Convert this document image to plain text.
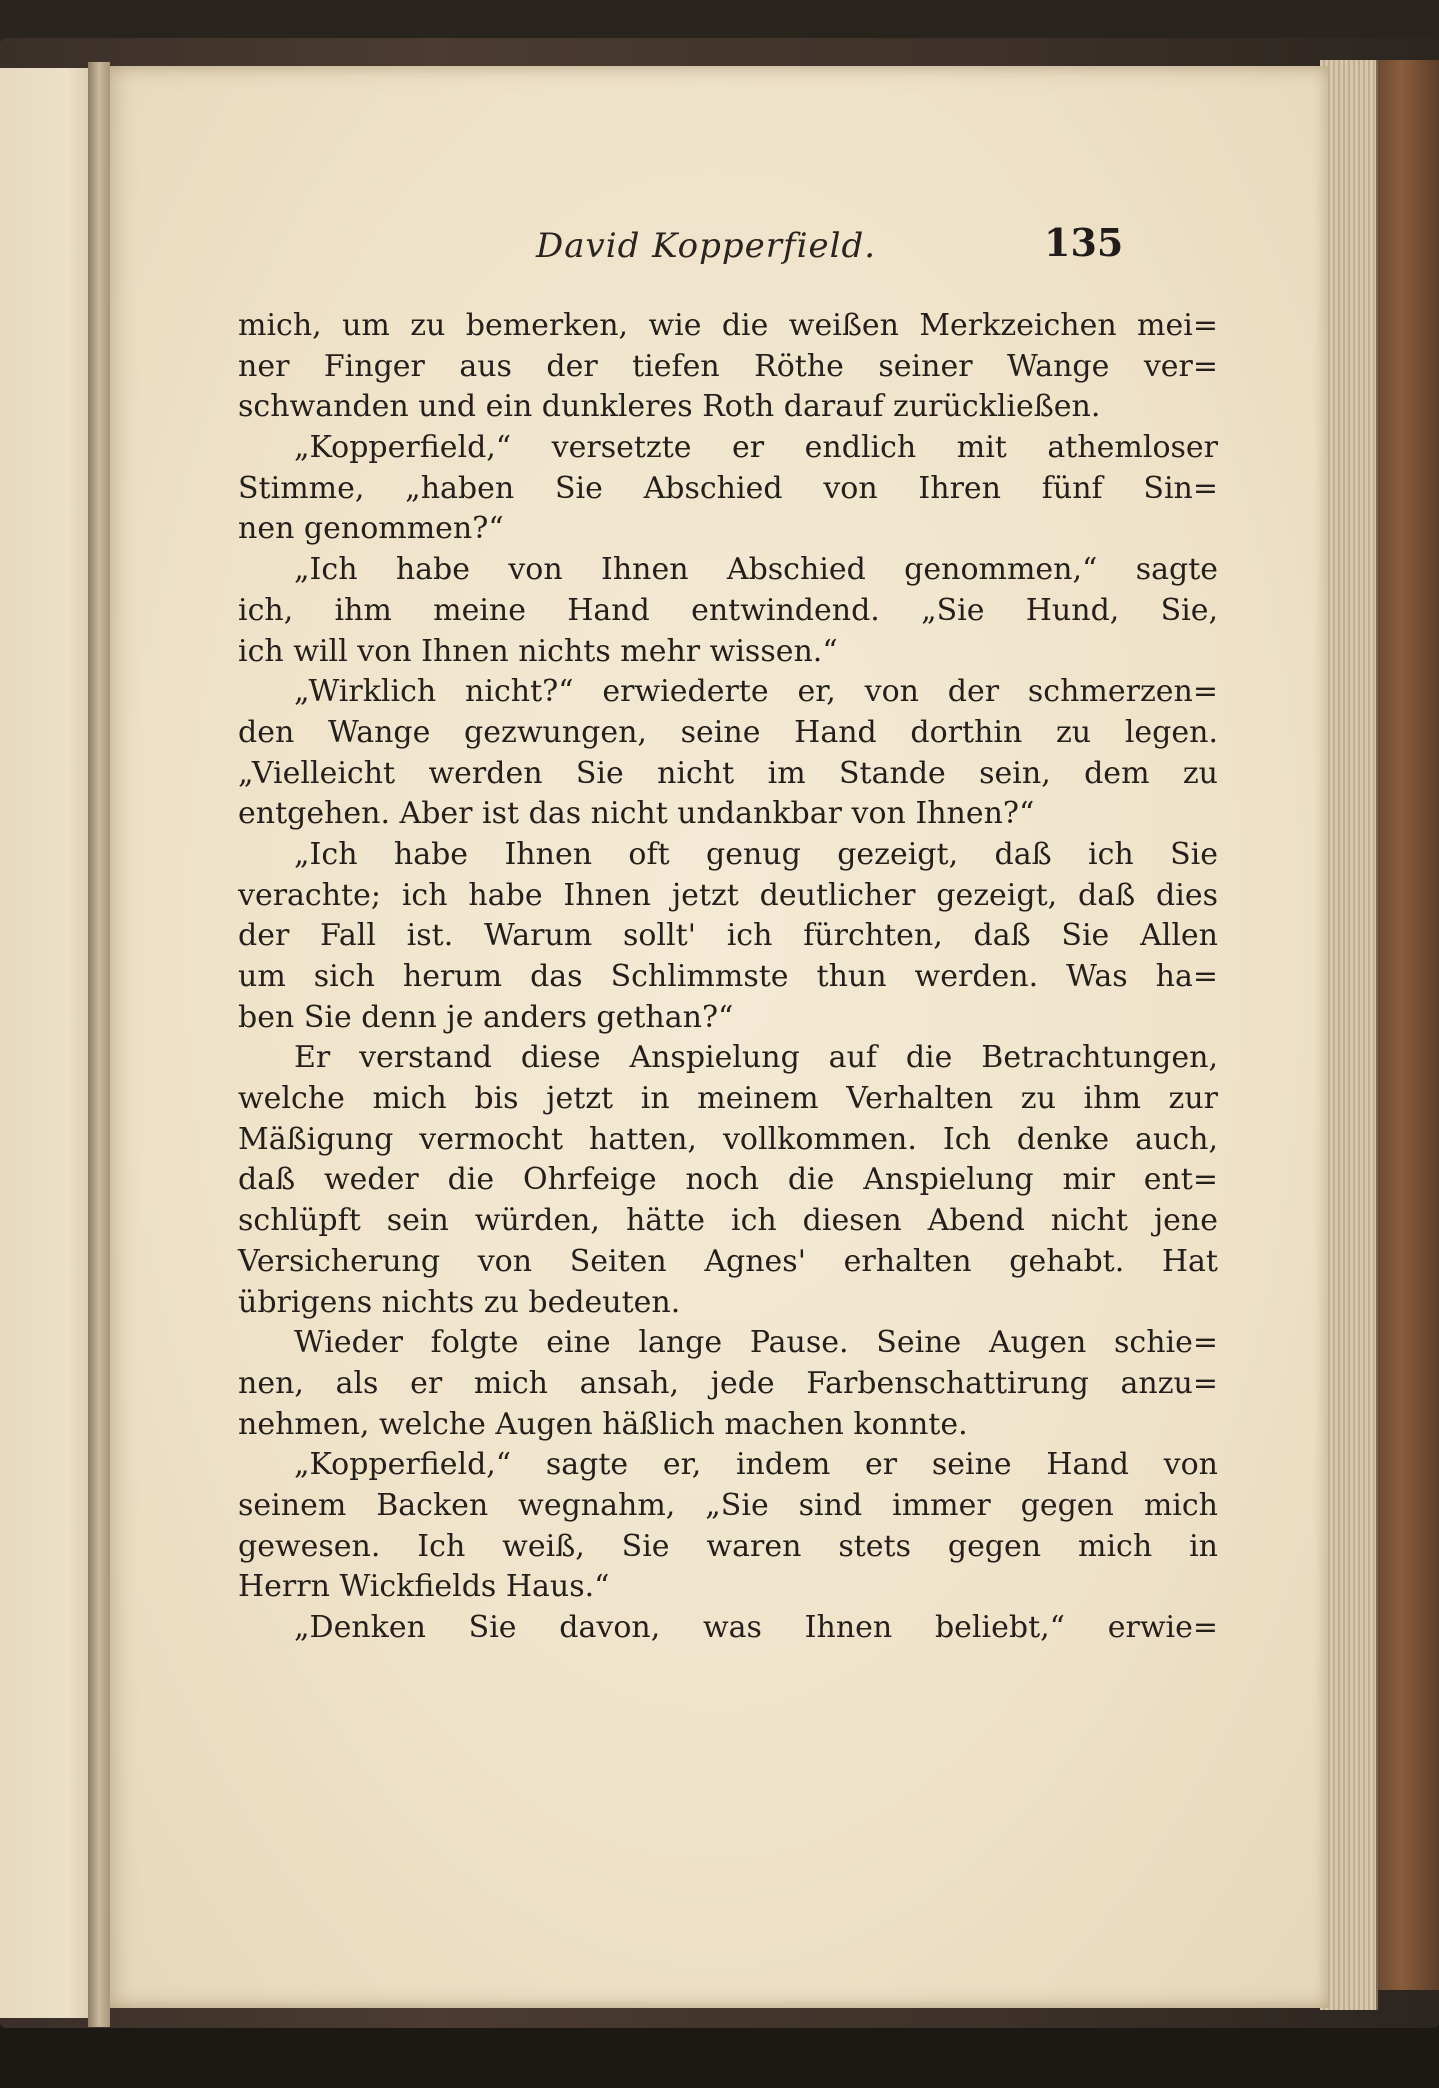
David Kopperfield.	135
mich, um zu bemerken, wie die weißen Merkzeichen mei=
ner Finger aus der tiefen Röthe seiner Wange ver=
schwanden und ein dunkleres Roth darauf zurückließen.
„Kopperfield,“ versetzte er endlich mit athemloser
Stimme, „haben Sie Abschied von Ihren fünf Sin=
nen genommen?“
„Ich habe von Ihnen Abschied genommen,“ sagte
ich, ihm meine Hand entwindend. „Sie Hund, Sie,
ich will von Ihnen nichts mehr wissen.“
„Wirklich nicht?“ erwiederte er, von der schmerzen=
den Wange gezwungen, seine Hand dorthin zu legen.
„Vielleicht werden Sie nicht im Stande sein, dem zu
entgehen. Aber ist das nicht undankbar von Ihnen?“
„Ich habe Ihnen oft genug gezeigt, daß ich Sie
verachte; ich habe Ihnen jetzt deutlicher gezeigt, daß dies
der Fall ist. Warum sollt' ich fürchten, daß Sie Allen
um sich herum das Schlimmste thun werden. Was ha=
ben Sie denn je anders gethan?“
Er verstand diese Anspielung auf die Betrachtungen,
welche mich bis jetzt in meinem Verhalten zu ihm zur
Mäßigung vermocht hatten, vollkommen. Ich denke auch,
daß weder die Ohrfeige noch die Anspielung mir ent=
schlüpft sein würden, hätte ich diesen Abend nicht jene
Versicherung von Seiten Agnes' erhalten gehabt. Hat
übrigens nichts zu bedeuten.
Wieder folgte eine lange Pause. Seine Augen schie=
nen, als er mich ansah, jede Farbenschattirung anzu=
nehmen, welche Augen häßlich machen konnte.
„Kopperfield,“ sagte er, indem er seine Hand von
seinem Backen wegnahm, „Sie sind immer gegen mich
gewesen. Ich weiß, Sie waren stets gegen mich in
Herrn Wickfields Haus.“
„Denken Sie davon, was Ihnen beliebt,“ erwie=
